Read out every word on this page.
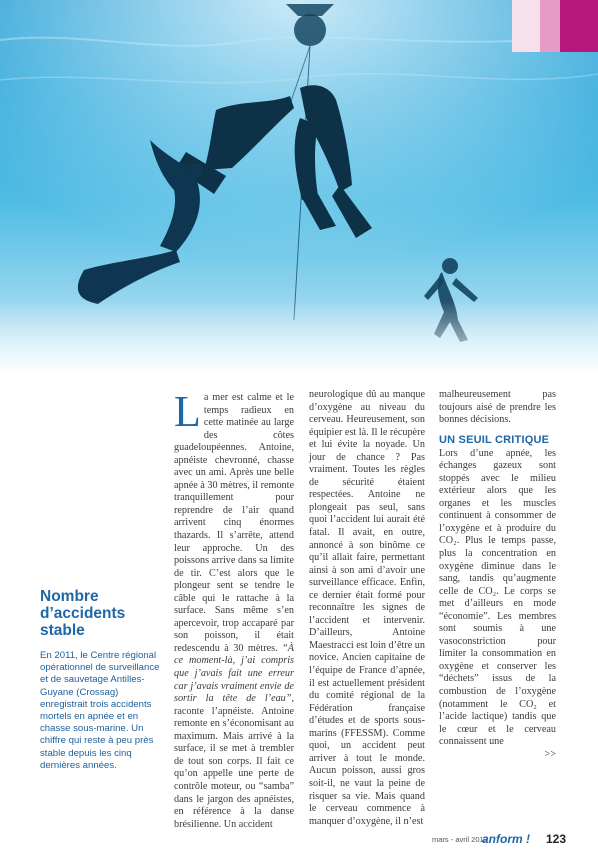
Nombre d’accidents stable

En 2011, le Centre régional opérationnel de surveillance et de sauvetage Antilles-Guyane (Crossag) enregistrait trois accidents mortels en apnée et en chasse sous-marine. Un chiffre qui reste à peu près stable depuis les cinq dernières années.

La mer est calme et le temps radieux en cette matinée au large des côtes guadeloupéennes. Antoine, apnéiste chevronné, chasse avec un ami. Après une belle apnée à 30 mètres, il remonte tranquillement pour reprendre de l’air quand arrivent cinq énormes thazards. Il s’arrête, attend leur approche. Un des poissons arrive dans sa limite de tir. C’est alors que le plongeur sent se tendre le câble qui le rattache à la surface. Sans même s’en apercevoir, trop accaparé par son poisson, il était redescendu à 30 mètres. “À ce moment-là, j’ai compris que j’avais fait une erreur car j’avais vraiment envie de sortir la tête de l’eau”, raconte l’apnéiste. Antoine remonte en s’économisant au maximum. Mais arrivé à la surface, il se met à trembler de tout son corps. Il fait ce qu’on appelle une perte de contrôle moteur, ou “samba” dans le jargon des apnéistes, en référence à la danse brésilienne. Un accident

neurologique dû au manque d’oxygène au niveau du cerveau. Heureusement, son équipier est là. Il le récupère et lui évite la noyade. Un jour de chance ? Pas vraiment. Toutes les règles de sécurité étaient respectées. Antoine ne plongeait pas seul, sans quoi l’accident lui aurait été fatal. Il avait, en outre, annoncé à son binôme ce qu’il allait faire, permettant ainsi à son ami d’avoir une surveillance efficace. Enfin, ce dernier était formé pour reconnaître les signes de l’accident et intervenir. D’ailleurs, Antoine Maestracci est loin d’être un novice. Ancien capitaine de l’équipe de France d’apnée, il est actuellement président du comité régional de la Fédération française d’études et de sports sous-marins (FFESSM). Comme quoi, un accident peut arriver à tout le monde. Aucun poisson, aussi gros soit-il, ne vaut la peine de risquer sa vie. Mais quand le cerveau commence à manquer d’oxygène, il n’est

malheureusement pas toujours aisé de prendre les bonnes décisions.

UN SEUIL CRITIQUE

Lors d’une apnée, les échanges gazeux sont stoppés avec le milieu extérieur alors que les organes et les muscles continuent à consommer de l’oxygène et à produire du CO₂. Plus le temps passe, plus la concentration en oxygène diminue dans le sang, tandis qu’augmente celle de CO₂. Le corps se met d’ailleurs en mode “économie”. Les membres sont soumis à une vasoconstriction pour limiter la consommation en oxygène et conserver les “déchets” issus de la combustion de l’oxygène (notamment le CO₂ et l’acide lactique) tandis que le cœur et le cerveau connaissent une

>>
mars - avril 2012
anform ! 123
